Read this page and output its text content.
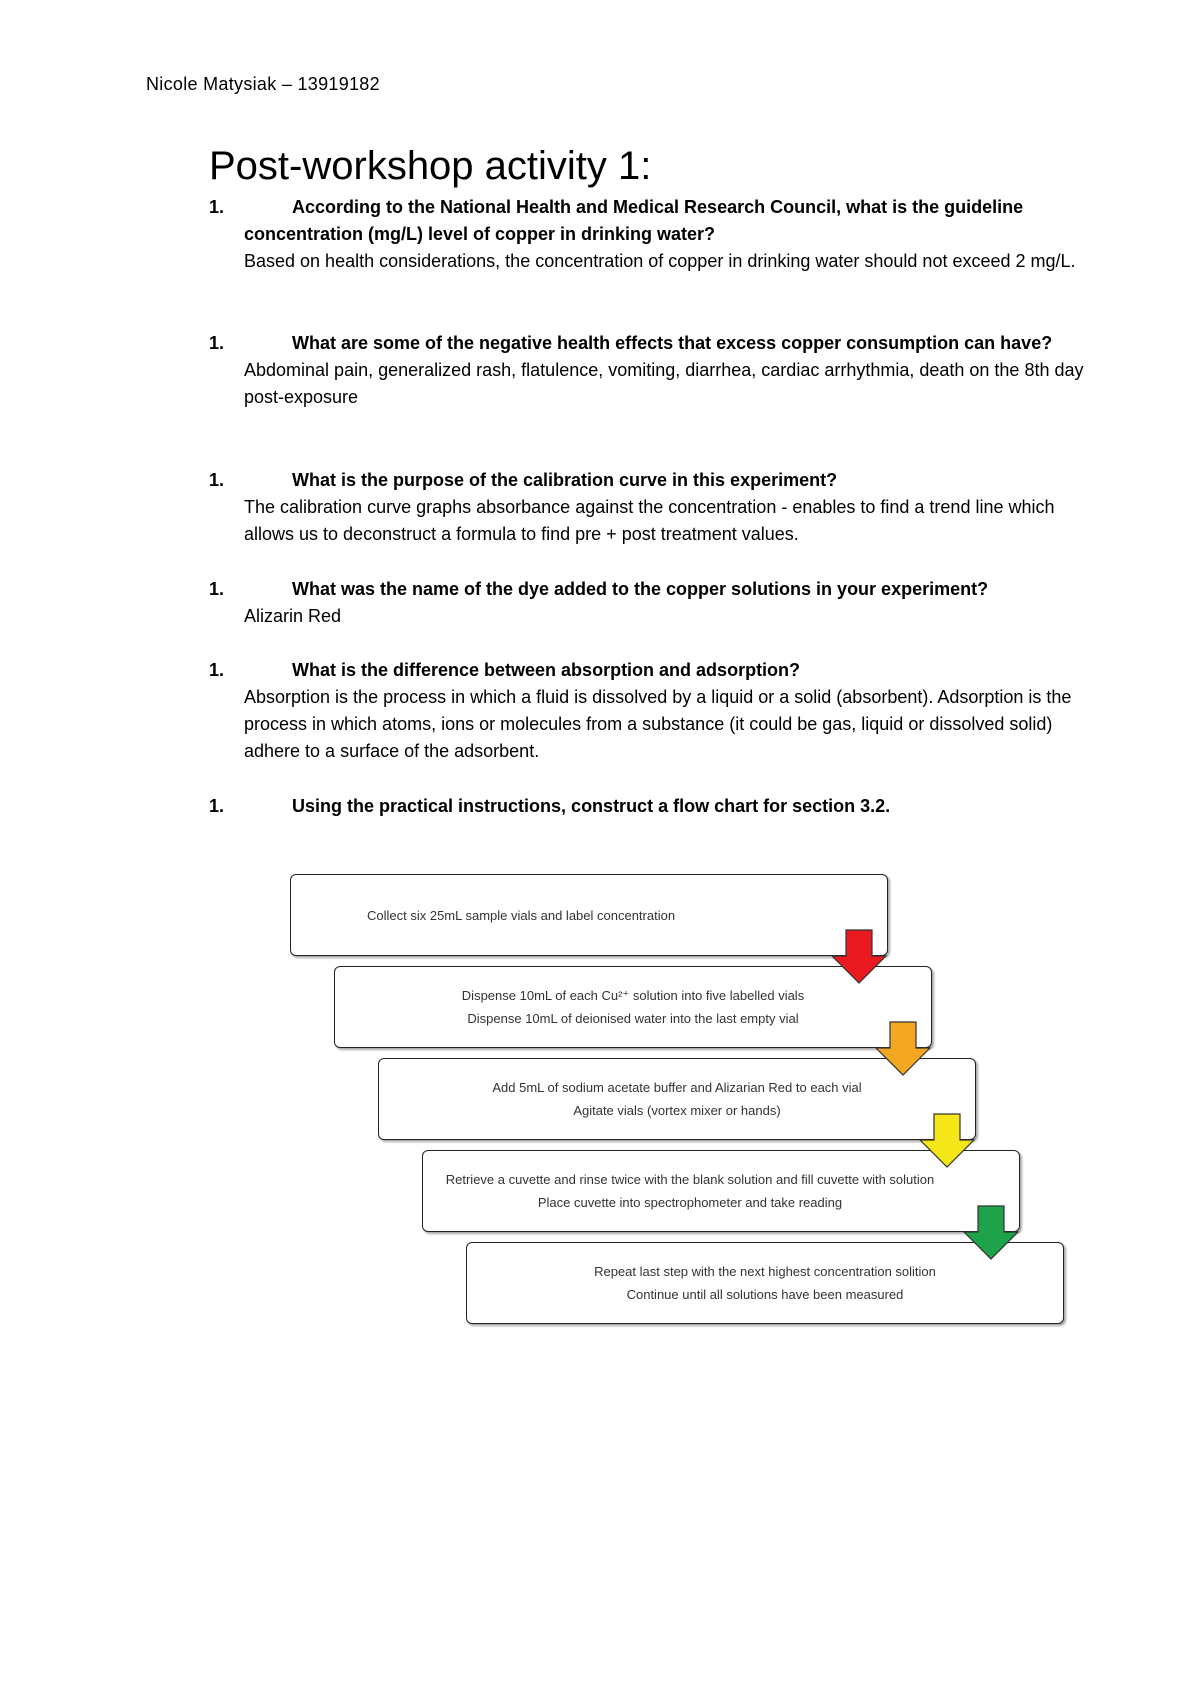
Nicole Matysiak – 13919182
Post-workshop activity 1:
1.	According to the National Health and Medical Research Council, what is the guideline concentration (mg/L) level of copper in drinking water?
Based on health considerations, the concentration of copper in drinking water should not exceed 2 mg/L.
1.	What are some of the negative health effects that excess copper consumption can have?
Abdominal pain, generalized rash, flatulence, vomiting, diarrhea, cardiac arrhythmia, death on the 8th day post-exposure
1.	What is the purpose of the calibration curve in this experiment?
The calibration curve graphs absorbance against the concentration - enables to find a trend line which allows us to deconstruct a formula to find pre + post treatment values.
1.	What was the name of the dye added to the copper solutions in your experiment?
Alizarin Red
1.	What is the difference between absorption and adsorption?
Absorption is the process in which a fluid is dissolved by a liquid or a solid (absorbent). Adsorption is the process in which atoms, ions or molecules from a substance (it could be gas, liquid or dissolved solid) adhere to a surface of the adsorbent.
1.	Using the practical instructions, construct a flow chart for section 3.2.
Collect six 25mL sample vials and label concentration
Dispense 10mL of each Cu²⁺ solution into five labelled vials
Dispense 10mL of deionised water into the last empty vial
Add 5mL of sodium acetate buffer and Alizarian Red to each vial
Agitate vials (vortex mixer or hands)
Retrieve a cuvette and rinse twice with the blank solution and fill cuvette with solution
Place cuvette into spectrophometer and take reading
Repeat last step with the next highest concentration solition
Continue until all solutions have been measured
